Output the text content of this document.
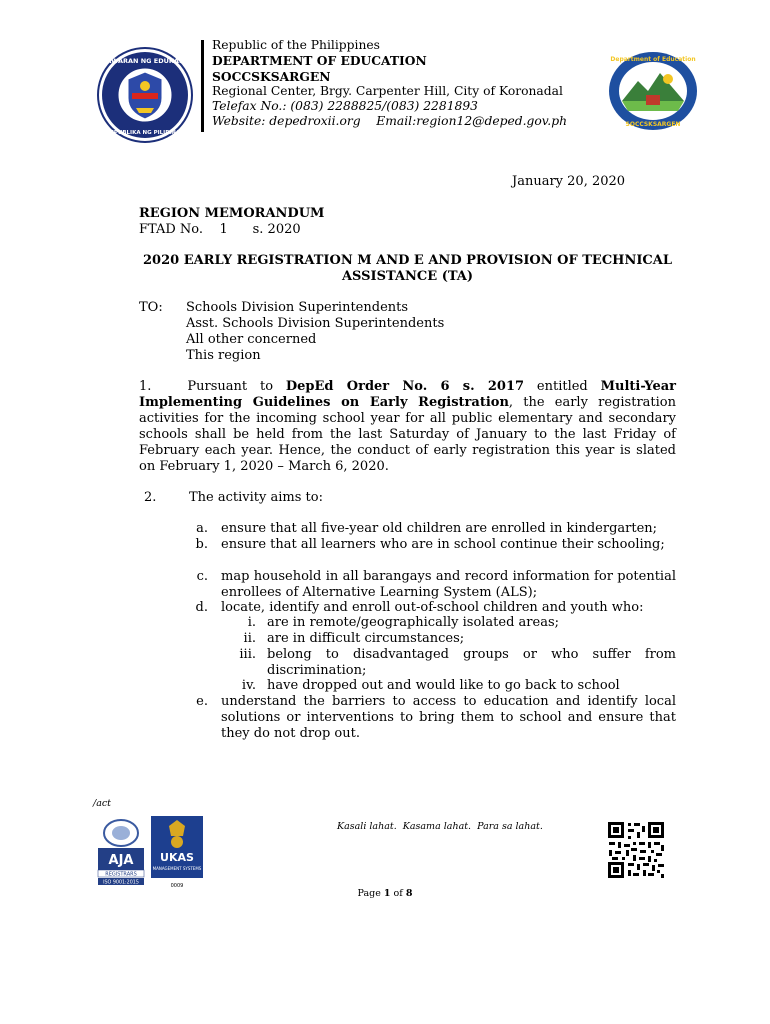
KAGAWARAN NG EDUKASYON
REPUBLIKA NG PILIPINAS
Republic of the Philippines
DEPARTMENT OF EDUCATION
SOCCSKSARGEN
Regional Center, Brgy. Carpenter Hill, City of Koronadal
Telefax No.: (083) 2288825/(083) 2281893
Website: depedroxii.org    Email:region12@deped.gov.ph
Department of Education
SOCCSKSARGEN
January 20, 2020
REGION MEMORANDUM
FTAD No.    1      s. 2020
2020 EARLY REGISTRATION M AND E AND PROVISION OF TECHNICAL
ASSISTANCE (TA)
TO: Schools Division Superintendents
Asst. Schools Division Superintendents
All other concerned
This region
1.	Pursuant to DepEd Order No. 6 s. 2017 entitled Multi-Year Implementing Guidelines on Early Registration, the early registration activities for the incoming school year for all public elementary and secondary schools shall be held from the last Saturday of January to the last Friday of February each year. Hence, the conduct of early registration this year is slated on February 1, 2020 – March 6, 2020.
2.	The activity aims to:
a. ensure that all five-year old children are enrolled in kindergarten;
b. ensure that all learners who are in school continue their schooling;
c. map household in all barangays and record information for potential enrollees of Alternative Learning System (ALS);
d. locate, identify and enroll out-of-school children and youth who:
i. are in remote/geographically isolated areas;
ii. are in difficult circumstances;
iii. belong to disadvantaged groups or who suffer from discrimination;
iv. have dropped out and would like to go back to school
e. understand the barriers to access to education and identify local solutions or interventions to bring them to school and ensure that they do not drop out.
/act
AJA
REGISTRARS
ISO 9001:2015
UKAS
MANAGEMENT SYSTEMS
0009
Kasali lahat.  Kasama lahat.  Para sa lahat.
Page 1 of 8
